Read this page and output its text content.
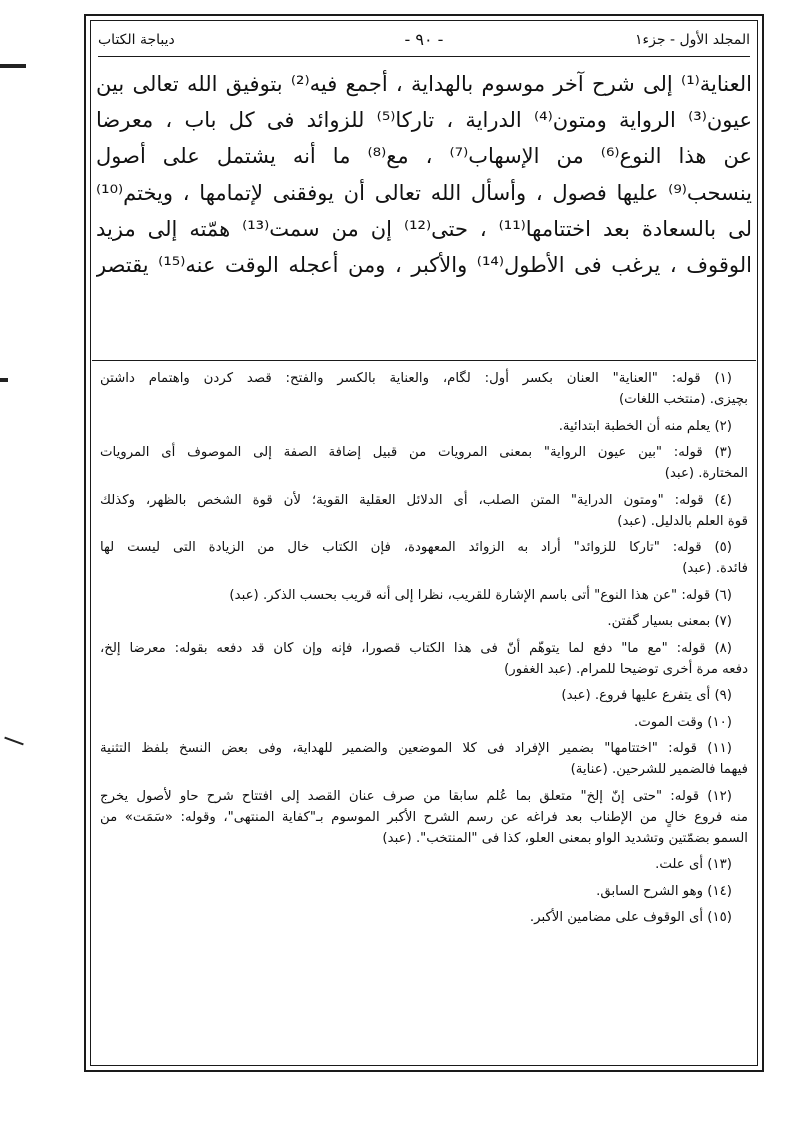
ديباجة الكتاب	- ٩٠ -	المجلد الأول - جزء١
العناية⁽¹⁾ إلى شرح آخر موسوم بالهداية ، أجمع فيه⁽²⁾ بتوفيق الله تعالى بين
عيون⁽³⁾ الرواية ومتون⁽⁴⁾ الدراية ، تاركا⁽⁵⁾ للزوائد فى كل باب ، معرضا
عن هذا النوع⁽⁶⁾ من الإسهاب⁽⁷⁾ ، مع⁽⁸⁾ ما أنه يشتمل على أصول
ينسحب⁽⁹⁾ عليها فصول ، وأسأل الله تعالى أن يوفقنى لإتمامها ، ويختم⁽¹⁰⁾
لى بالسعادة بعد اختتامها⁽¹¹⁾ ، حتى⁽¹²⁾ إن من سمت⁽¹³⁾ همّته إلى مزيد
الوقوف ، يرغب فى الأطول⁽¹⁴⁾ والأكبر ، ومن أعجله الوقت عنه⁽¹⁵⁾ يقتصر
(١) قوله: "العناية" العنان بكسر أول: لگام، والعناية بالكسر والفتح: قصد كردن واهتمام داشتن
بچيزى. (منتخب اللغات)
(٢) يعلم منه أن الخطبة ابتدائية.
(٣) قوله: "بين عيون الرواية" بمعنى المرويات من قبيل إضافة الصفة إلى الموصوف أى المرويات
المختارة. (عبد)
(٤) قوله: "ومتون الدراية" المتن الصلب، أى الدلائل العقلية القوية؛ لأن قوة الشخص بالظهر، وكذلك
قوة العلم بالدليل. (عبد)
(٥) قوله: "تاركا للزوائد" أراد به الزوائد المعهودة، فإن الكتاب خال من الزيادة التى ليست لها
فائدة. (عبد)
(٦) قوله: "عن هذا النوع" أتى باسم الإشارة للقريب، نظرا إلى أنه قريب بحسب الذكر. (عبد)
(٧) بمعنى بسيار گفتن.
(٨) قوله: "مع ما" دفع لما يتوهّم أنّ فى هذا الكتاب قصورا، فإنه وإن كان قد دفعه بقوله: معرضا إلخ،
دفعه مرة أخرى توضيحا للمرام. (عبد الغفور)
(٩) أى يتفرع عليها فروع. (عبد)
(١٠) وقت الموت.
(١١) قوله: "اختتامها" بضمير الإفراد فى كلا الموضعين والضمير للهداية، وفى بعض النسخ بلفظ التثنية
فيهما فالضمير للشرحين. (عناية)
(١٢) قوله: "حتى إنّ إلخ" متعلق بما عُلم سابقا من صرف عنان القصد إلى افتتاح شرح حاو لأصول يخرج
منه فروع خالٍ من الإطناب بعد فراغه عن رسم الشرح الأكبر الموسوم بـ"كفاية المنتهى"، وقوله: «سَمَت» من
السمو بضمّتين وتشديد الواو بمعنى العلو، كذا فى "المنتخب". (عبد)
(١٣) أى علت.
(١٤) وهو الشرح السابق.
(١٥) أى الوقوف على مضامين الأكبر.
